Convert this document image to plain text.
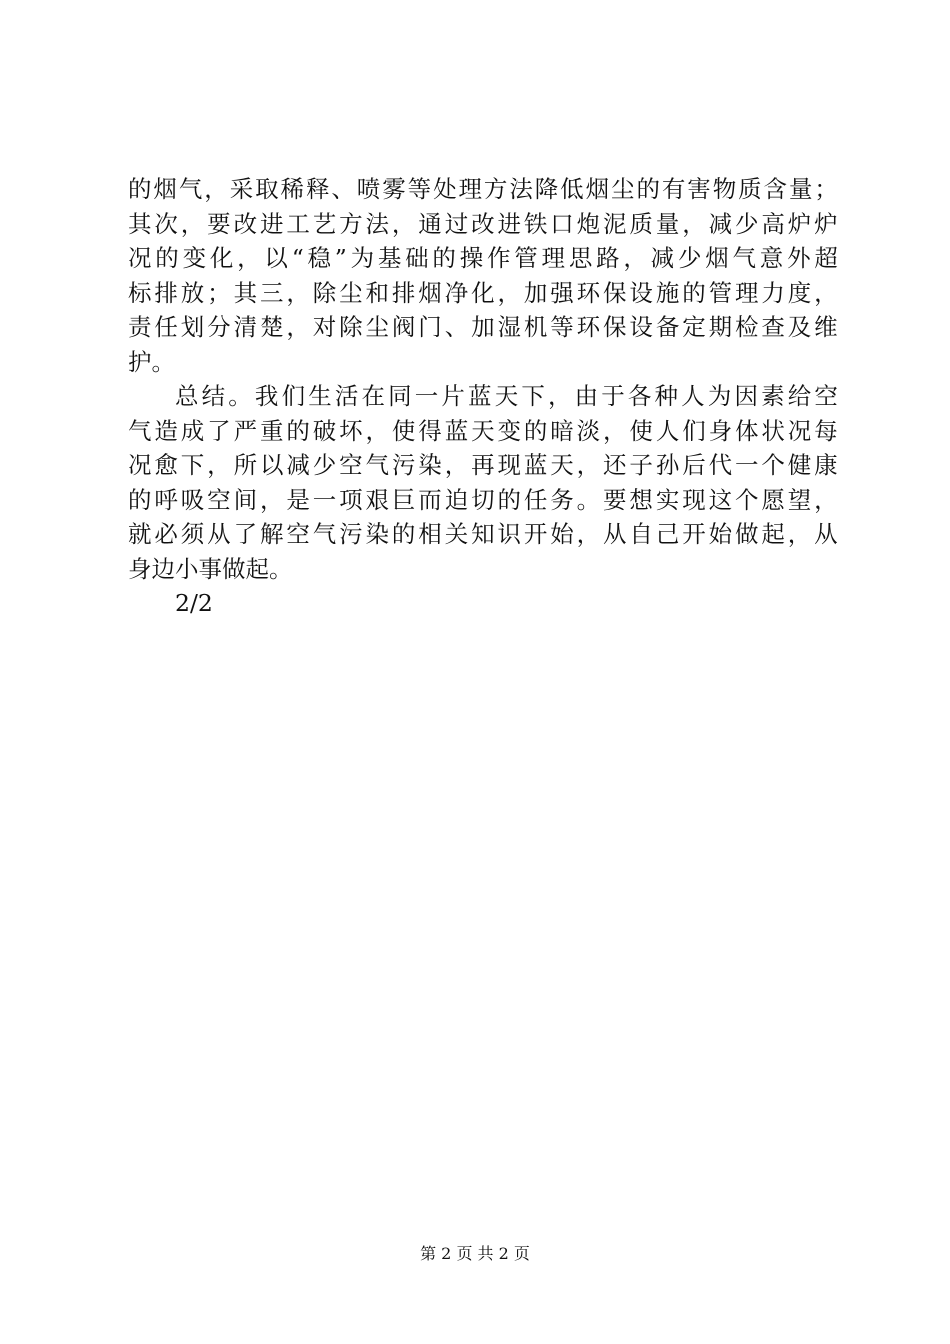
的 烟 气 ， 采 取 稀 释 、 喷 雾 等 处 理 方 法 降 低 烟 尘 的 有 害 物 质 含 量 ；
其 次 ， 要 改 进 工 艺 方 法 ， 通 过 改 进 铁 口 炮 泥 质 量 ， 减 少 高 炉 炉
况 的 变 化 ， 以 “ 稳 ” 为 基 础 的 操 作 管 理 思 路 ， 减 少 烟 气 意 外 超
标 排 放 ； 其 三 ， 除 尘 和 排 烟 净 化 ， 加 强 环 保 设 施 的 管 理 力 度 ，
责 任 划 分 清 楚 ， 对 除 尘 阀 门 、 加 湿 机 等 环 保 设 备 定 期 检 查 及 维
护。
总 结 。 我 们 生 活 在 同 一 片 蓝 天 下 ， 由 于 各 种 人 为 因 素 给 空
气 造 成 了 严 重 的 破 坏 ， 使 得 蓝 天 变 的 暗 淡 ， 使 人 们 身 体 状 况 每
况 愈 下 ， 所 以 减 少 空 气 污 染 ， 再 现 蓝 天 ， 还 子 孙 后 代 一 个 健 康
的 呼 吸 空 间 ， 是 一 项 艰 巨 而 迫 切 的 任 务 。 要 想 实 现 这 个 愿 望 ，
就 必 须 从 了 解 空 气 污 染 的 相 关 知 识 开 始 ， 从 自 己 开 始 做 起 ， 从
身边小事做起。
2/2
第 2 页 共 2 页
